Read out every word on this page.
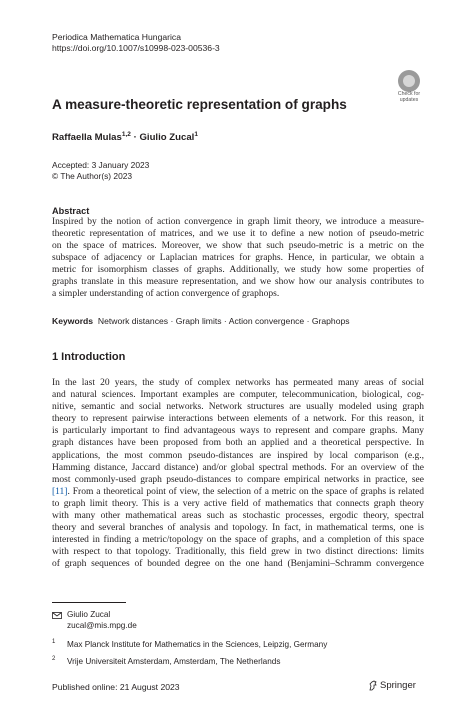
Periodica Mathematica Hungarica
https://doi.org/10.1007/s10998-023-00536-3
Check for
updates
A measure-theoretic representation of graphs
Raffaella Mulas$^{1,2}$ · Giulio Zucal$^1$
Accepted: 3 January 2023
© The Author(s) 2023
Abstract
Inspired by the notion of action convergence in graph limit theory, we introduce a measure-
theoretic representation of matrices, and we use it to define a new notion of pseudo-metric
on the space of matrices. Moreover, we show that such pseudo-metric is a metric on the
subspace of adjacency or Laplacian matrices for graphs. Hence, in particular, we obtain a
metric for isomorphism classes of graphs. Additionally, we study how some properties of
graphs translate in this measure representation, and we show how our analysis contributes to
a simpler understanding of action convergence of graphops.
Keywords Network distances · Graph limits · Action convergence · Graphops
1 Introduction
In the last 20 years, the study of complex networks has permeated many areas of social
and natural sciences. Important examples are computer, telecommunication, biological, cog-
nitive, semantic and social networks. Network structures are usually modeled using graph
theory to represent pairwise interactions between elements of a network. For this reason, it
is particularly important to find advantageous ways to represent and compare graphs. Many
graph distances have been proposed from both an applied and a theoretical perspective. In
applications, the most common pseudo-distances are inspired by local comparison (e.g.,
Hamming distance, Jaccard distance) and/or global spectral methods. For an overview of the
most commonly-used graph pseudo-distances to compare empirical networks in practice, see
[11]. From a theoretical point of view, the selection of a metric on the space of graphs is related
to graph limit theory. This is a very active field of mathematics that connects graph theory
with many other mathematical areas such as stochastic processes, ergodic theory, spectral
theory and several branches of analysis and topology. In fact, in mathematical terms, one is
interested in finding a metric/topology on the space of graphs, and a completion of this space
with respect to that topology. Traditionally, this field grew in two distinct directions: limits
of graph sequences of bounded degree on the one hand (Benjamini–Schramm convergence
Giulio Zucal
zucal@mis.mpg.de
1 Max Planck Institute for Mathematics in the Sciences, Leipzig, Germany
2 Vrije Universiteit Amsterdam, Amsterdam, The Netherlands
Published online: 21 August 2023	Springer
